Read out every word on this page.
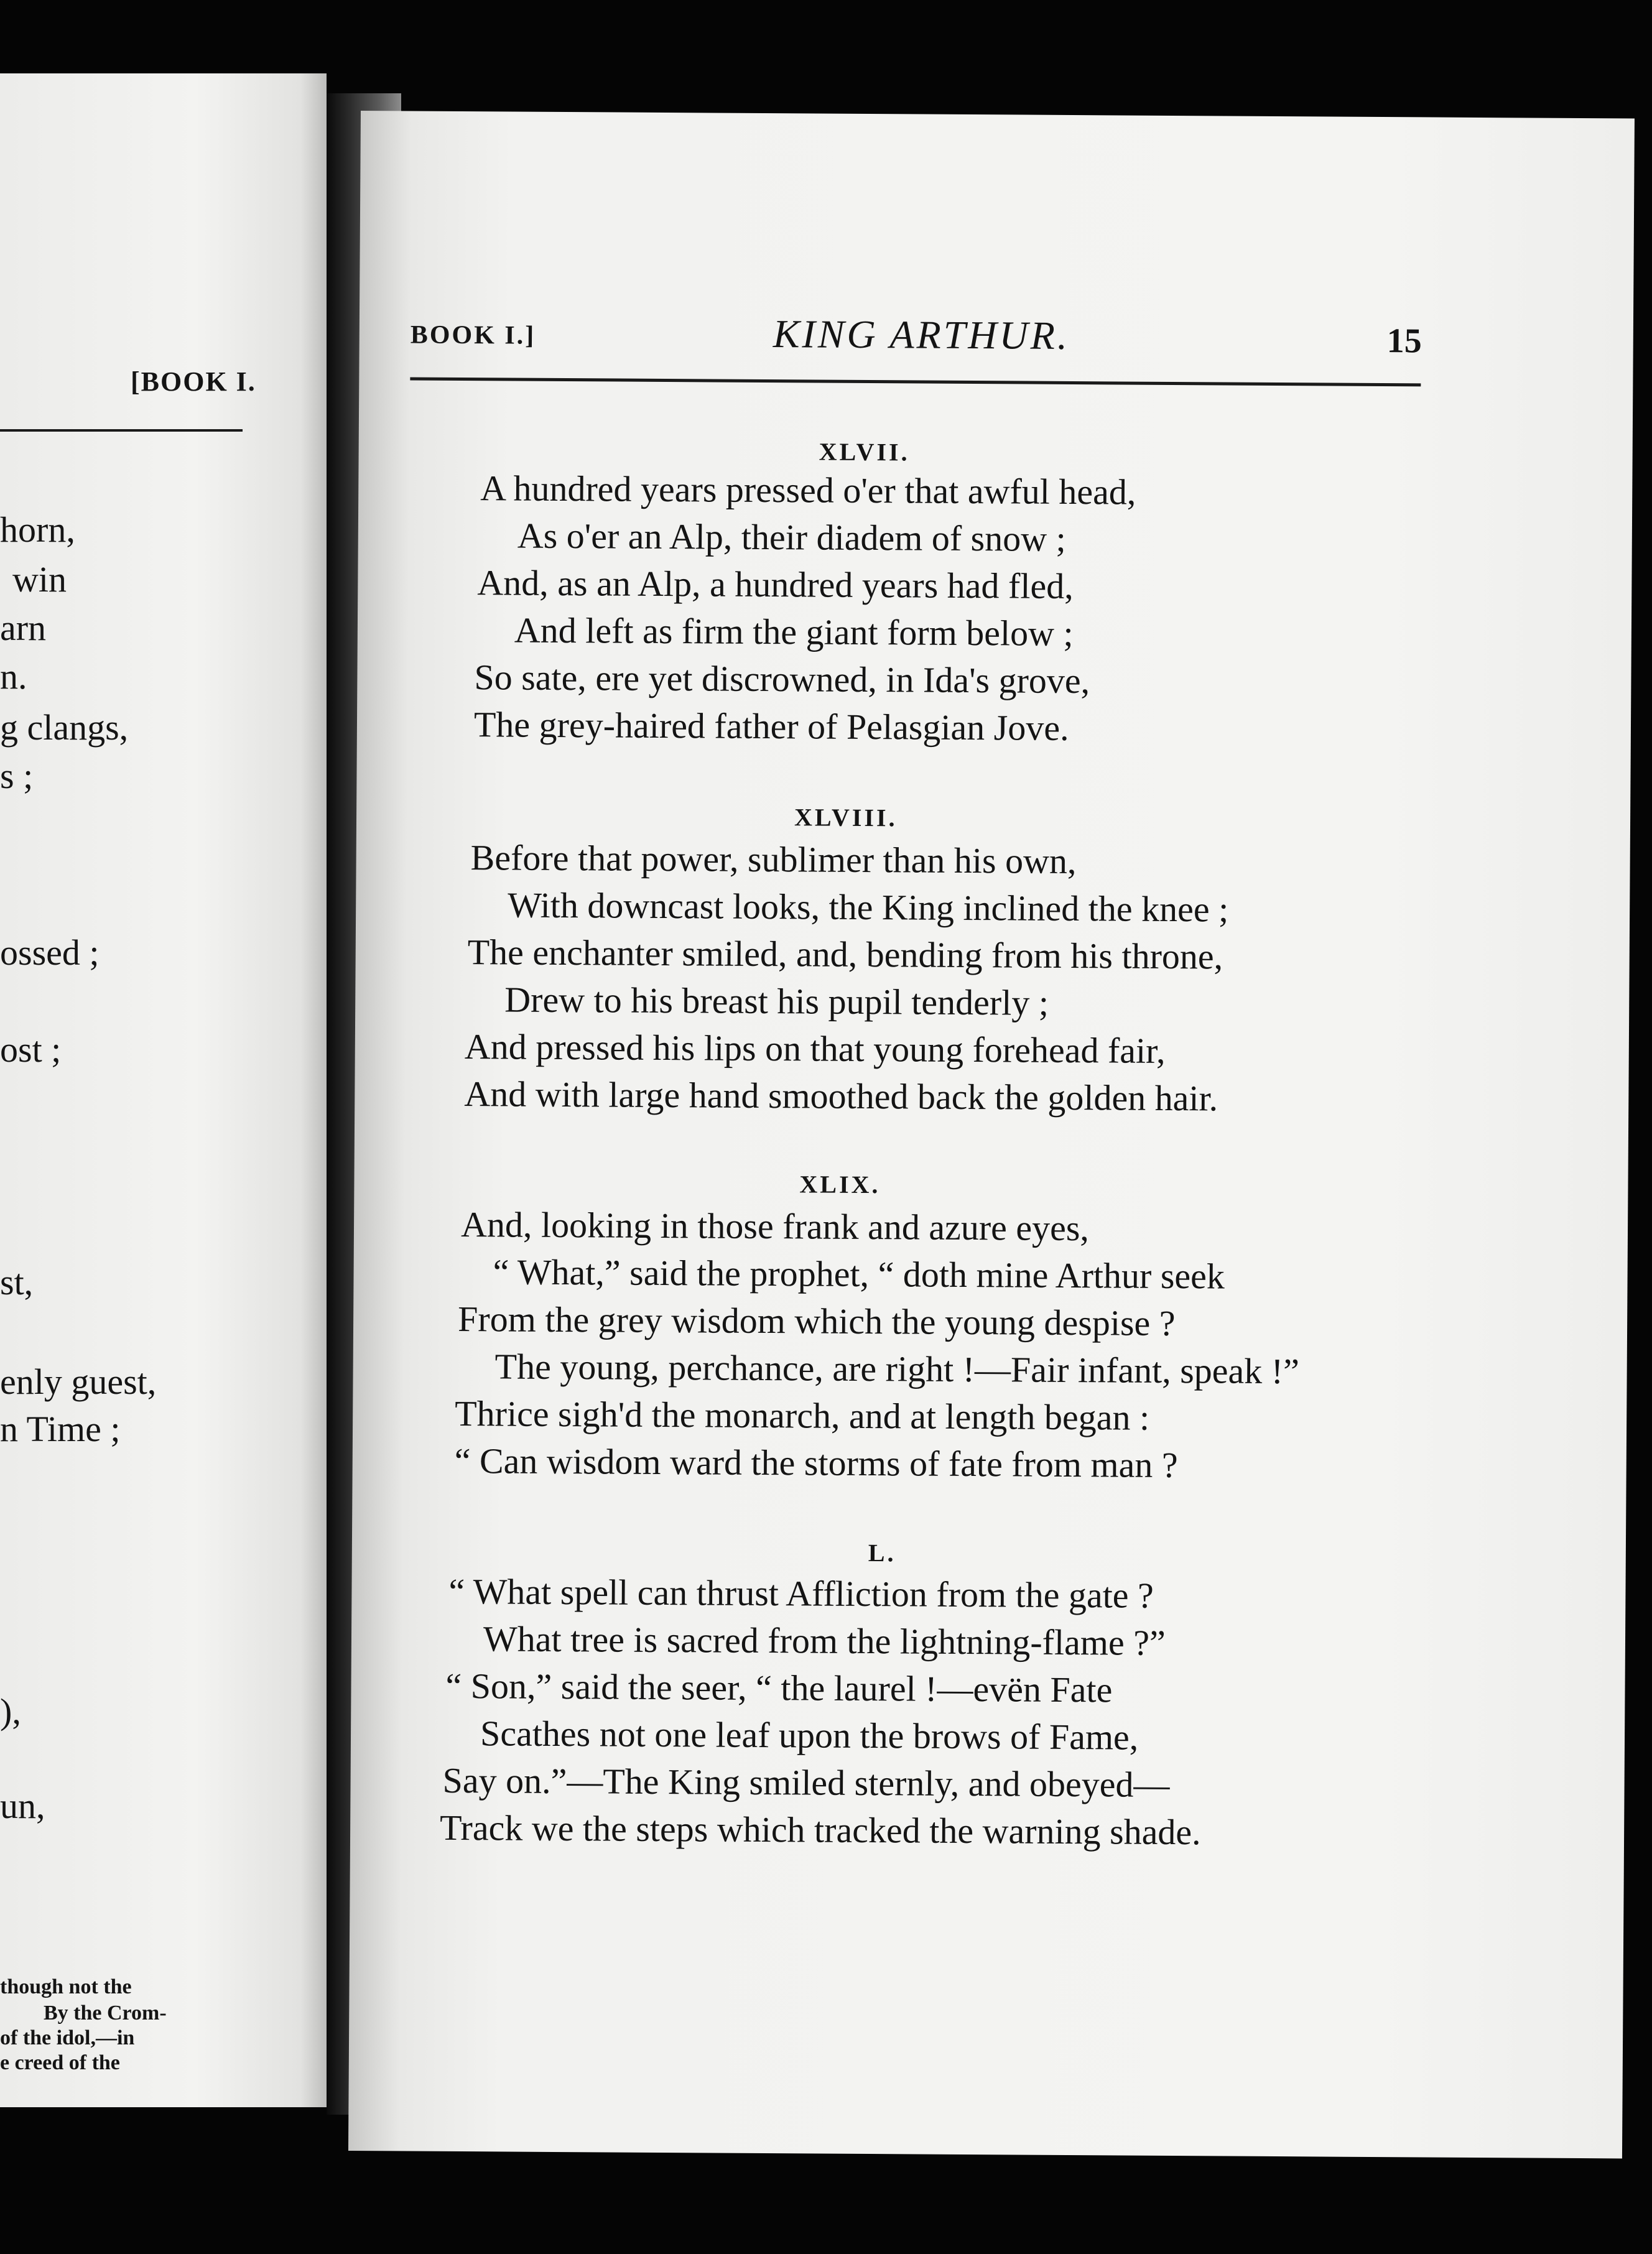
[BOOK I.
horn,
win
arn
n.
g clangs,
s ;
ossed ;
ost ;
st,
enly guest,
n Time ;
),
un,
though not the
By the Crom-
of the idol,—in
e creed of the
BOOK I.]	KING ARTHUR.	15
XLVII.
A hundred years pressed o'er that awful head,
As o'er an Alp, their diadem of snow ;
And, as an Alp, a hundred years had fled,
And left as firm the giant form below ;
So sate, ere yet discrowned, in Ida's grove,
The grey-haired father of Pelasgian Jove.
XLVIII.
Before that power, sublimer than his own,
With downcast looks, the King inclined the knee ;
The enchanter smiled, and, bending from his throne,
Drew to his breast his pupil tenderly ;
And pressed his lips on that young forehead fair,
And with large hand smoothed back the golden hair.
XLIX.
And, looking in those frank and azure eyes,
“ What,” said the prophet, “ doth mine Arthur seek
From the grey wisdom which the young despise ?
The young, perchance, are right !—Fair infant, speak !”
Thrice sigh'd the monarch, and at length began :
“ Can wisdom ward the storms of fate from man ?
L.
“ What spell can thrust Affliction from the gate ?
What tree is sacred from the lightning-flame ?”
“ Son,” said the seer, “ the laurel !—evën Fate
Scathes not one leaf upon the brows of Fame,
Say on.”—The King smiled sternly, and obeyed—
Track we the steps which tracked the warning shade.
